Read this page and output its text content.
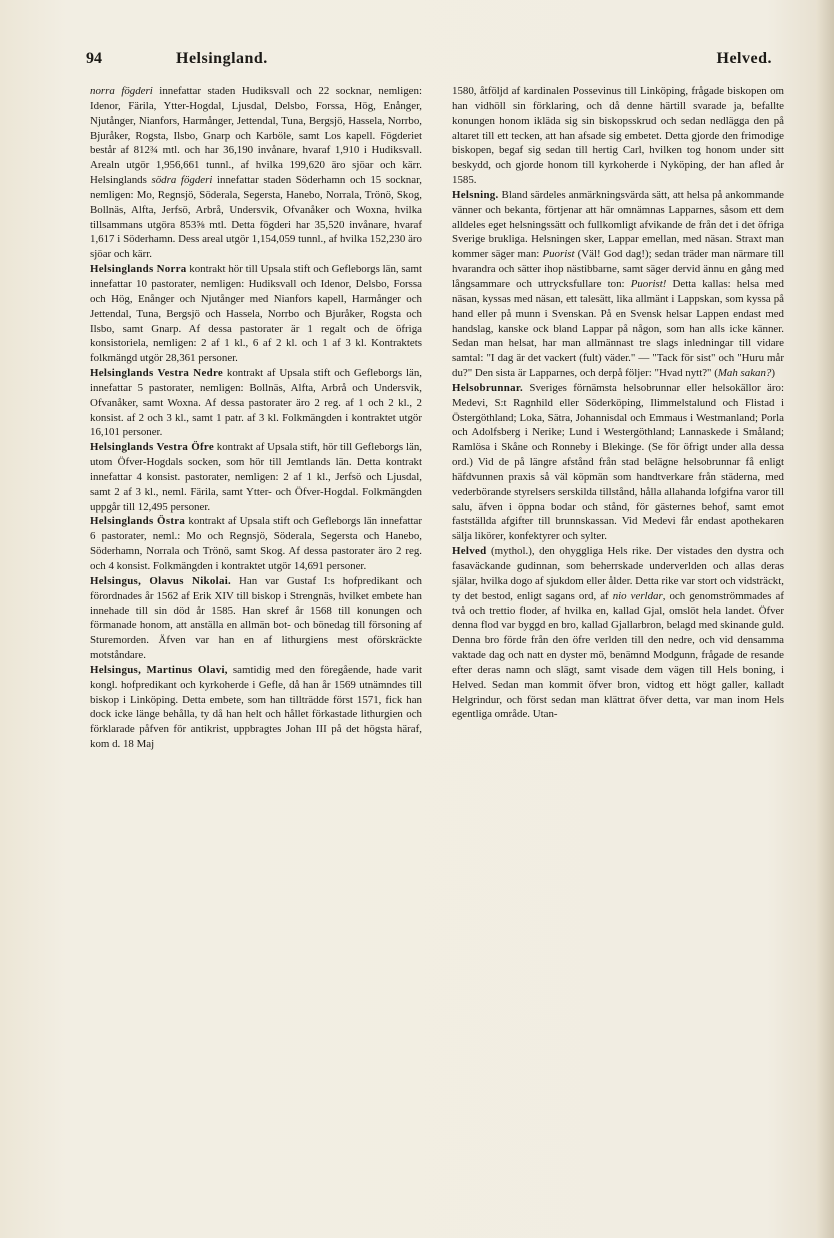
94	Helsingland.	Helved.

norra fögderi innefattar staden Hudiksvall och 22 socknar, nemligen: Idenor, Färila, Ytter-Hogdal, Ljusdal, Delsbo, Forssa, Hög, Enånger, Njutånger, Nianfors, Harmånger, Jettendal, Tuna, Bergsjö, Hassela, Norrbo, Bjuråker, Rogsta, Ilsbo, Gnarp och Karböle, samt Los kapell. Fögderiet består af 812¾ mtl. och har 36,190 invånare, hvaraf 1,910 i Hudiksvall. Arealn utgör 1,956,661 tunnl., af hvilka 199,620 äro sjöar och kärr. Helsinglands södra fögderi innefattar staden Söderhamn och 15 socknar, nemligen: Mo, Regnsjö, Söderala, Segersta, Hanebo, Norrala, Trönö, Skog, Bollnäs, Alfta, Jerfsö, Arbrå, Undersvik, Ofvanåker och Woxna, hvilka tillsammans utgöra 853⅝ mtl. Detta fögderi har 35,520 invånare, hvaraf 1,617 i Söderhamn. Dess areal utgör 1,154,059 tunnl., af hvilka 152,230 äro sjöar och kärr.

Helsinglands Norra kontrakt hör till Upsala stift och Gefleborgs län, samt innefattar 10 pastorater, nemligen: Hudiksvall och Idenor, Delsbo, Forssa och Hög, Enånger och Njutånger med Nianfors kapell, Harmånger och Jettendal, Tuna, Bergsjö och Hassela, Norrbo och Bjuråker, Rogsta och Ilsbo, samt Gnarp. Af dessa pastorater är 1 regalt och de öfriga konsistoriela, nemligen: 2 af 1 kl., 6 af 2 kl. och 1 af 3 kl. Kontraktets folkmängd utgör 28,361 personer.

Helsinglands Vestra Nedre kontrakt af Upsala stift och Gefleborgs län, innefattar 5 pastorater, nemligen: Bollnäs, Alfta, Arbrå och Undersvik, Ofvanåker, samt Woxna. Af dessa pastorater äro 2 reg. af 1 och 2 kl., 2 konsist. af 2 och 3 kl., samt 1 patr. af 3 kl. Folkmängden i kontraktet utgör 16,101 personer.

Helsinglands Vestra Öfre kontrakt af Upsala stift, hör till Gefleborgs län, utom Öfver-Hogdals socken, som hör till Jemtlands län. Detta kontrakt innefattar 4 konsist. pastorater, nemligen: 2 af 1 kl., Jerfsö och Ljusdal, samt 2 af 3 kl., neml. Färila, samt Ytter- och Öfver-Hogdal. Folkmängden uppgår till 12,495 personer.

Helsinglands Östra kontrakt af Upsala stift och Gefleborgs län innefattar 6 pastorater, neml.: Mo och Regnsjö, Söderala, Segersta och Hanebo, Söderhamn, Norrala och Trönö, samt Skog. Af dessa pastorater äro 2 reg. och 4 konsist. Folkmängden i kontraktet utgör 14,691 personer.

Helsingus, Olavus Nikolai. Han var Gustaf I:s hofpredikant och förordnades år 1562 af Erik XIV till biskop i Strengnäs, hvilket embete han innehade till sin död år 1585. Han skref år 1568 till konungen och förmanade honom, att anställa en allmän bot- och bönedag till försoning af Sturemorden. Äfven var han en af lithurgiens mest oförskräckte motståndare.

Helsingus, Martinus Olavi, samtidig med den föregående, hade varit kongl. hofpredikant och kyrkoherde i Gefle, då han år 1569 utnämndes till biskop i Linköping. Detta embete, som han tillträdde först 1571, fick han dock icke länge behålla, ty då han helt och hållet förkastade lithurgien och förklarade påfven för antikrist, uppbragtes Johan III på det högsta häraf, kom d. 18 Maj

1580, åtföljd af kardinalen Possevinus till Linköping, frågade biskopen om han vidhöll sin förklaring, och då denne härtill svarade ja, befallte konungen honom ikläda sig sin biskopsskrud och sedan nedlägga den på altaret till ett tecken, att han afsade sig embetet. Detta gjorde den frimodige biskopen, begaf sig sedan till hertig Carl, hvilken tog honom under sitt beskydd, och gjorde honom till kyrkoherde i Nyköping, der han afled år 1585.

Helsning. Bland särdeles anmärkningsvärda sätt, att helsa på ankommande vänner och bekanta, förtjenar att här omnämnas Lapparnes, såsom ett dem alldeles eget helsningssätt och fullkomligt afvikande de från det i det öfriga Sverige brukliga. Helsningen sker, Lappar emellan, med näsan. Straxt man kommer säger man: Puorist (Väl! God dag!); sedan träder man närmare till hvarandra och sätter ihop nästibbarne, samt säger dervid ännu en gång med långsammare och uttrycksfullare ton: Puorist! Detta kallas: helsa med näsan, kyssas med näsan, ett talesätt, lika allmänt i Lappskan, som kyssa på hand eller på munn i Svenskan. På en Svensk helsar Lappen endast med handslag, kanske ock bland Lappar på någon, som han alls icke känner. Sedan man helsat, har man allmännast tre slags inledningar till vidare samtal: "I dag är det vackert (fult) väder." — "Tack för sist" och "Huru mår du?" Den sista är Lapparnes, och derpå följer: "Hvad nytt?" (Mah sakan?)

Helsobrunnar. Sveriges förnämsta helsobrunnar eller helsokällor äro: Medevi, S:t Ragnhild eller Söderköping, Ilimmelstalund och Flistad i Östergöthland; Loka, Sätra, Johannisdal och Emmaus i Westmanland; Porla och Adolfsberg i Nerike; Lund i Westergöthland; Lannaskede i Småland; Ramlösa i Skåne och Ronneby i Blekinge. (Se för öfrigt under alla dessa ord.) Vid de på längre afstånd från stad belägne helsobrunnar få enligt häfdvunnen praxis så väl köpmän som handtverkare från städerna, med vederbörande styrelsers serskilda tillstånd, hålla allahanda lofgifna varor till salu, äfven i öppna bodar och stånd, för gästernes behof, samt emot fastställda afgifter till brunnskassan. Vid Medevi får endast apothekaren sälja likörer, konfektyrer och sylter.

Helved (mythol.), den ohyggliga Hels rike. Der vistades den dystra och fasaväckande gudinnan, som beherrskade underverlden och allas deras själar, hvilka dogo af sjukdom eller ålder. Detta rike var stort och vidsträckt, ty det bestod, enligt sagans ord, af nio verldar, och genomströmmades af två och trettio floder, af hvilka en, kallad Gjal, omslöt hela landet. Öfver denna flod var byggd en bro, kallad Gjallarbron, belagd med skinande guld. Denna bro förde från den öfre verlden till den nedre, och vid densamma vaktade dag och natt en dyster mö, benämnd Modgunn, frågade de resande efter deras namn och slägt, samt visade dem vägen till Hels boning, i Helved. Sedan man kommit öfver bron, vidtog ett högt galler, kalladt Helgrindur, och först sedan man klättrat öfver detta, var man inom Hels egentliga område. Utan-
